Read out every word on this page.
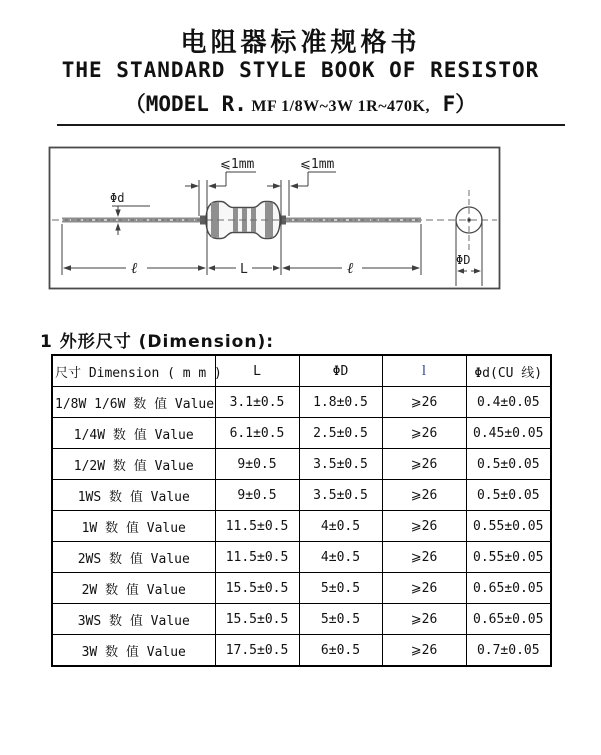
电阻器标准规格书
THE STANDARD STYLE BOOK OF RESISTOR
（MODEL R. MF 1/8W~3W 1R~470K, F）
⩽1mm	⩽1mm
Φd
ℓ	L	ℓ	ΦD
1 外形尺寸 (Dimension):
尺寸 Dimension ( m m )	L	ΦD	l	Φd(CU 线)
1/8W 1/6W 数 值 Value	3.1±0.5	1.8±0.5	⩾26	0.4±0.05
1/4W 数 值 Value	6.1±0.5	2.5±0.5	⩾26	0.45±0.05
1/2W 数 值 Value	9±0.5	3.5±0.5	⩾26	0.5±0.05
1WS 数 值 Value	9±0.5	3.5±0.5	⩾26	0.5±0.05
1W 数 值 Value	11.5±0.5	4±0.5	⩾26	0.55±0.05
2WS 数 值 Value	11.5±0.5	4±0.5	⩾26	0.55±0.05
2W 数 值 Value	15.5±0.5	5±0.5	⩾26	0.65±0.05
3WS 数 值 Value	15.5±0.5	5±0.5	⩾26	0.65±0.05
3W 数 值 Value	17.5±0.5	6±0.5	⩾26	0.7±0.05
